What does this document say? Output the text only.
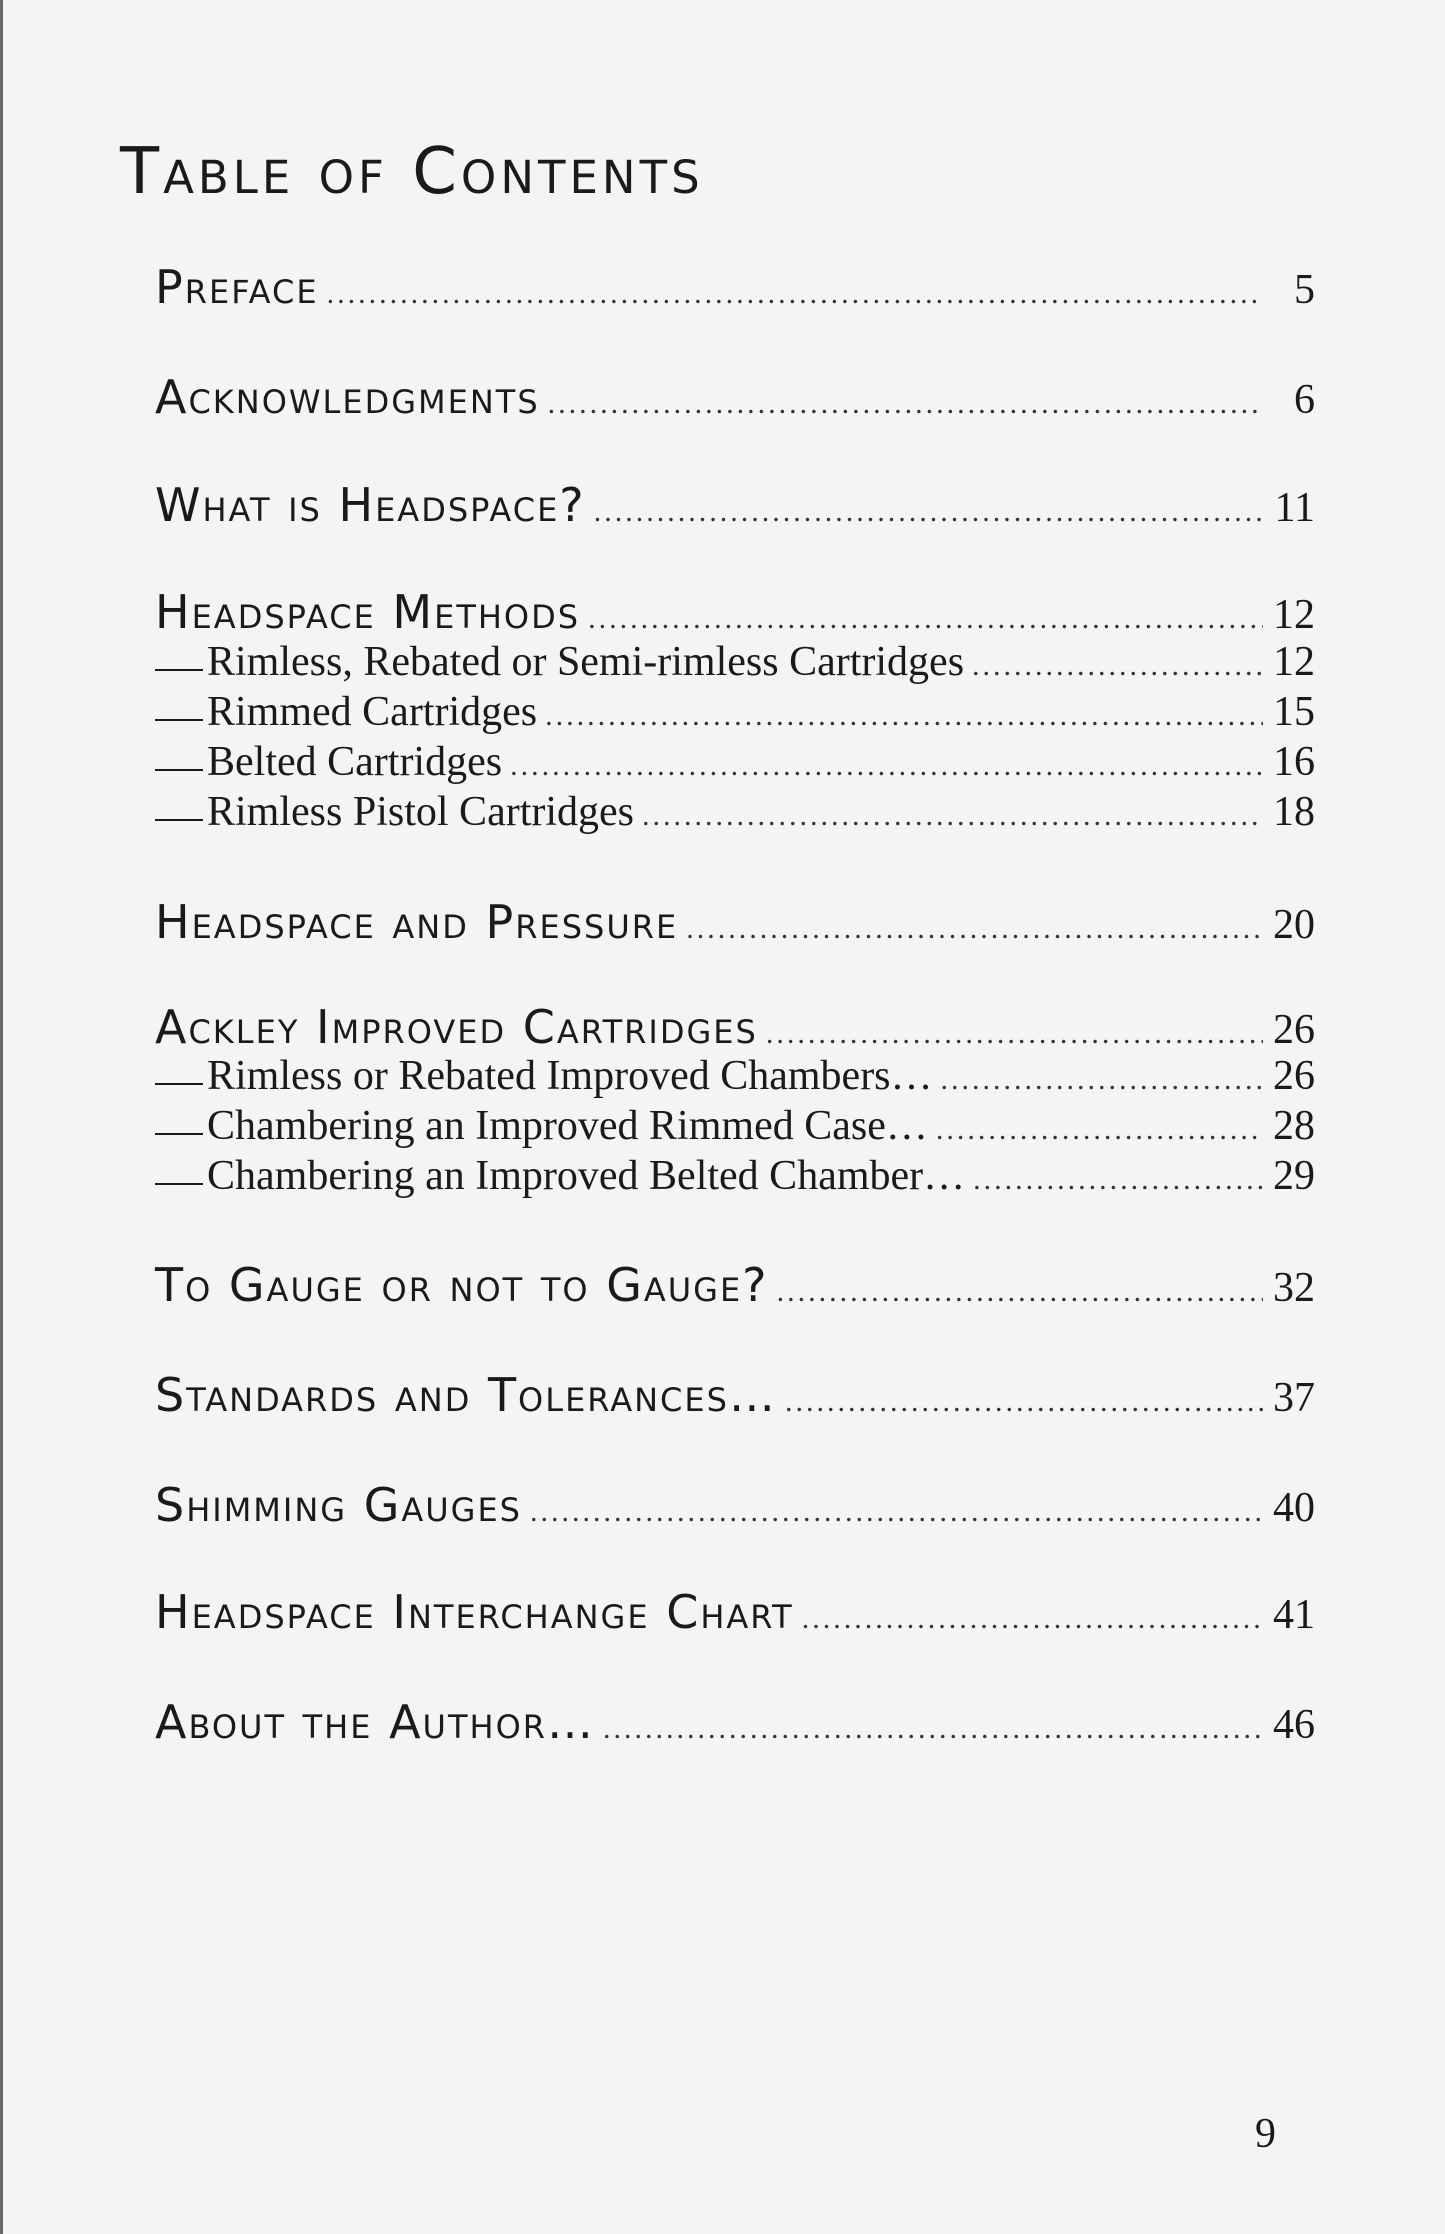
Table of Contents
Preface .....	5
Acknowledgments .....	6
What is Headspace? .....	11
Headspace Methods .....	12
Rimless, Rebated or Semi-rimless Cartridges .....	12
Rimmed Cartridges .....	15
Belted Cartridges .....	16
Rimless Pistol Cartridges .....	18
Headspace and Pressure .....	20
Ackley Improved Cartridges .....	26
Rimless or Rebated Improved Chambers… .....	26
Chambering an Improved Rimmed Case… .....	28
Chambering an Improved Belted Chamber… .....	29
To Gauge or not to Gauge? .....	32
Standards and Tolerances… .....	37
Shimming Gauges .....	40
Headspace Interchange Chart .....	41
About the Author… .....	46
9
